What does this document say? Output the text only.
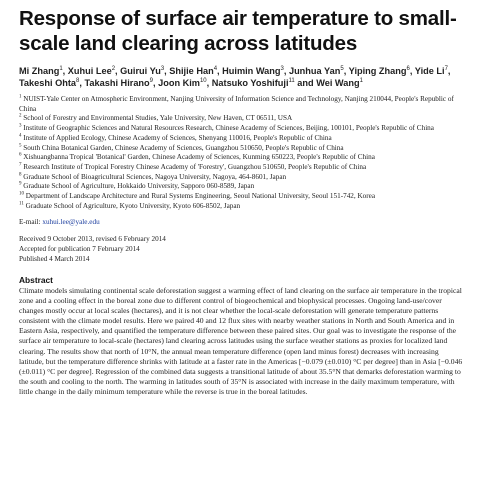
Response of surface air temperature to small-scale land clearing across latitudes
Mi Zhang$^1$, Xuhui Lee$^2$, Guirui Yu$^3$, Shijie Han$^4$, Huimin Wang$^3$, Junhua Yan$^5$, Yiping Zhang$^6$, Yide Li$^7$, Takeshi Ohta$^8$, Takashi Hirano$^9$, Joon Kim$^{10}$, Natsuko Yoshifuji$^{11}$ and Wei Wang$^1$

$^1$ NUIST-Yale Center on Atmospheric Environment, Nanjing University of Information Science and Technology, Nanjing 210044, People's Republic of China

$^2$ School of Forestry and Environmental Studies, Yale University, New Haven, CT 06511, USA

$^3$ Institute of Geographic Sciences and Natural Resources Research, Chinese Academy of Sciences, Beijing, 100101, People's Republic of China

$^4$ Institute of Applied Ecology, Chinese Academy of Sciences, Shenyang 110016, People's Republic of China

$^5$ South China Botanical Garden, Chinese Academy of Sciences, Guangzhou 510650, People's Republic of China

$^6$ Xishuangbanna Tropical 'Botanical' Garden, Chinese Academy of Sciences, Kunming 650223, People's Republic of China

$^7$ Research Institute of Tropical Forestry Chinese Academy of 'Forestry', Guangzhou 510650, People's Republic of China

$^8$ Graduate School of Bioagricultural Sciences, Nagoya University, Nagoya, 464-8601, Japan

$^9$ Graduate School of Agriculture, Hokkaido University, Sapporo 060-8589, Japan

$^{10}$ Department of Landscape Architecture and Rural Systems Engineering, Seoul National University, Seoul 151-742, Korea

$^{11}$ Graduate School of Agriculture, Kyoto University, Kyoto 606-8502, Japan

E-mail: xuhui.lee@yale.edu
Received 9 October 2013, revised 6 February 2014
Accepted for publication 7 February 2014
Published 4 March 2014
Abstract
Climate models simulating continental scale deforestation suggest a warming effect of land clearing on the surface air temperature in the tropical zone and a cooling effect in the boreal zone due to different control of biogeochemical and biophysical processes. Ongoing land-use/cover changes mostly occur at local scales (hectares), and it is not clear whether the local-scale deforestation will generate temperature patterns consistent with the climate model results. Here we paired 40 and 12 flux sites with nearby weather stations in North and South America and in Eastern Asia, respectively, and quantified the temperature difference between these paired sites. Our goal was to investigate the response of the surface air temperature to local-scale (hectares) land clearing across latitudes using the surface weather stations as proxies for localized land clearing. The results show that north of 10°N, the annual mean temperature difference (open land minus forest) decreases with increasing latitude, but the temperature difference shrinks with latitude at a faster rate in the Americas [−0.079 (±0.010) °C per degree] than in Asia [−0.046 (±0.011) °C per degree]. Regression of the combined data suggests a transitional latitude of about 35.5°N that demarks deforestation warming to the south and cooling to the north. The warming in latitudes south of 35°N is associated with increase in the daily maximum temperature, with little change in the daily minimum temperature while the reverse is true in the boreal latitudes.
